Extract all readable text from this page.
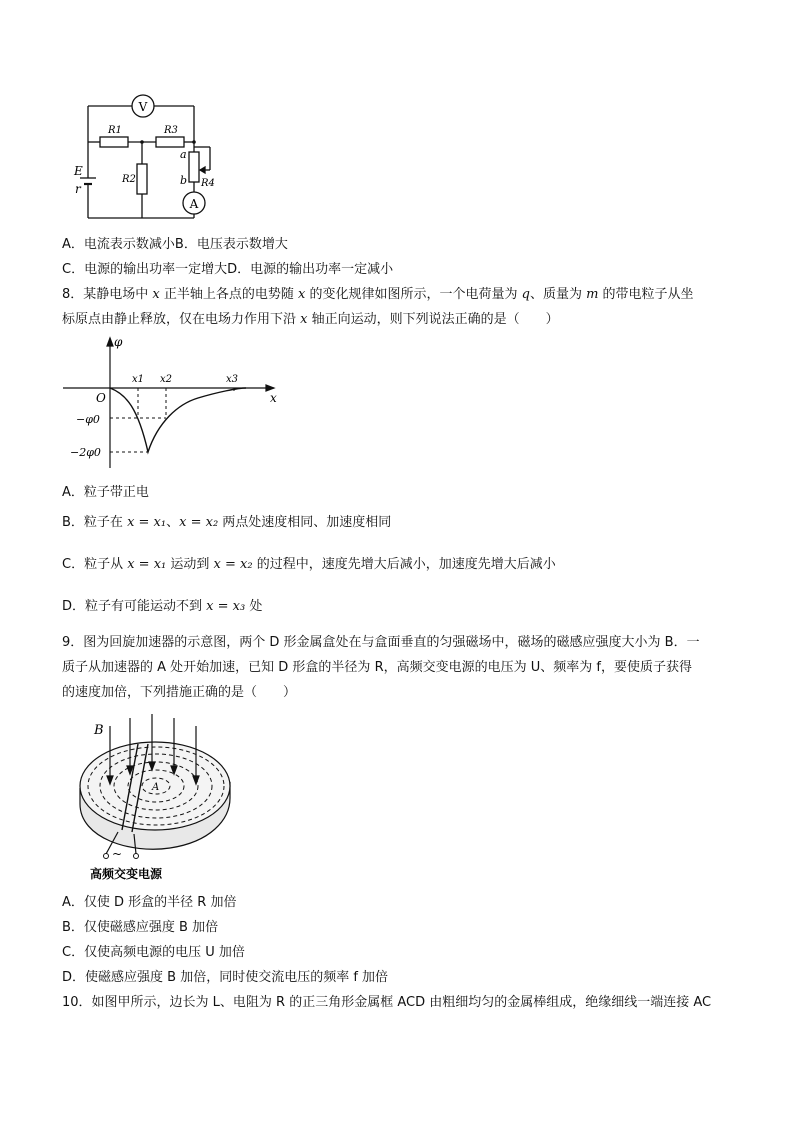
V
A
E
r
R1	R3
R2	R4
a
b
A．电流表示数减小B．电压表示数增大
C．电源的输出功率一定增大D．电源的输出功率一定减小
8．某静电场中 x 正半轴上各点的电势随 x 的变化规律如图所示，一个电荷量为 q、质量为 m 的带电粒子从坐
标原点由静止释放，仅在电场力作用下沿 x 轴正向运动，则下列说法正确的是（　　）
φ
x
O
x1 x2	x3
−φ0
−2φ0
A．粒子带正电
B．粒子在 x = x₁、x = x₂ 两点处速度相同、加速度相同
C．粒子从 x = x₁ 运动到 x = x₂ 的过程中，速度先增大后减小，加速度先增大后减小
D．粒子有可能运动不到 x = x₃ 处
9．图为回旋加速器的示意图，两个 D 形金属盒处在与盒面垂直的匀强磁场中，磁场的磁感应强度大小为 B．一
质子从加速器的 A 处开始加速，已知 D 形盒的半径为 R，高频交变电源的电压为 U、频率为 f，要使质子获得
的速度加倍，下列措施正确的是（　　）
B
A
~
高频交变电源
A．仅使 D 形盒的半径 R 加倍
B．仅使磁感应强度 B 加倍
C．仅使高频电源的电压 U 加倍
D．使磁感应强度 B 加倍，同时使交流电压的频率 f 加倍
10．如图甲所示，边长为 L、电阻为 R 的正三角形金属框 ACD 由粗细均匀的金属棒组成，绝缘细线一端连接 AC
